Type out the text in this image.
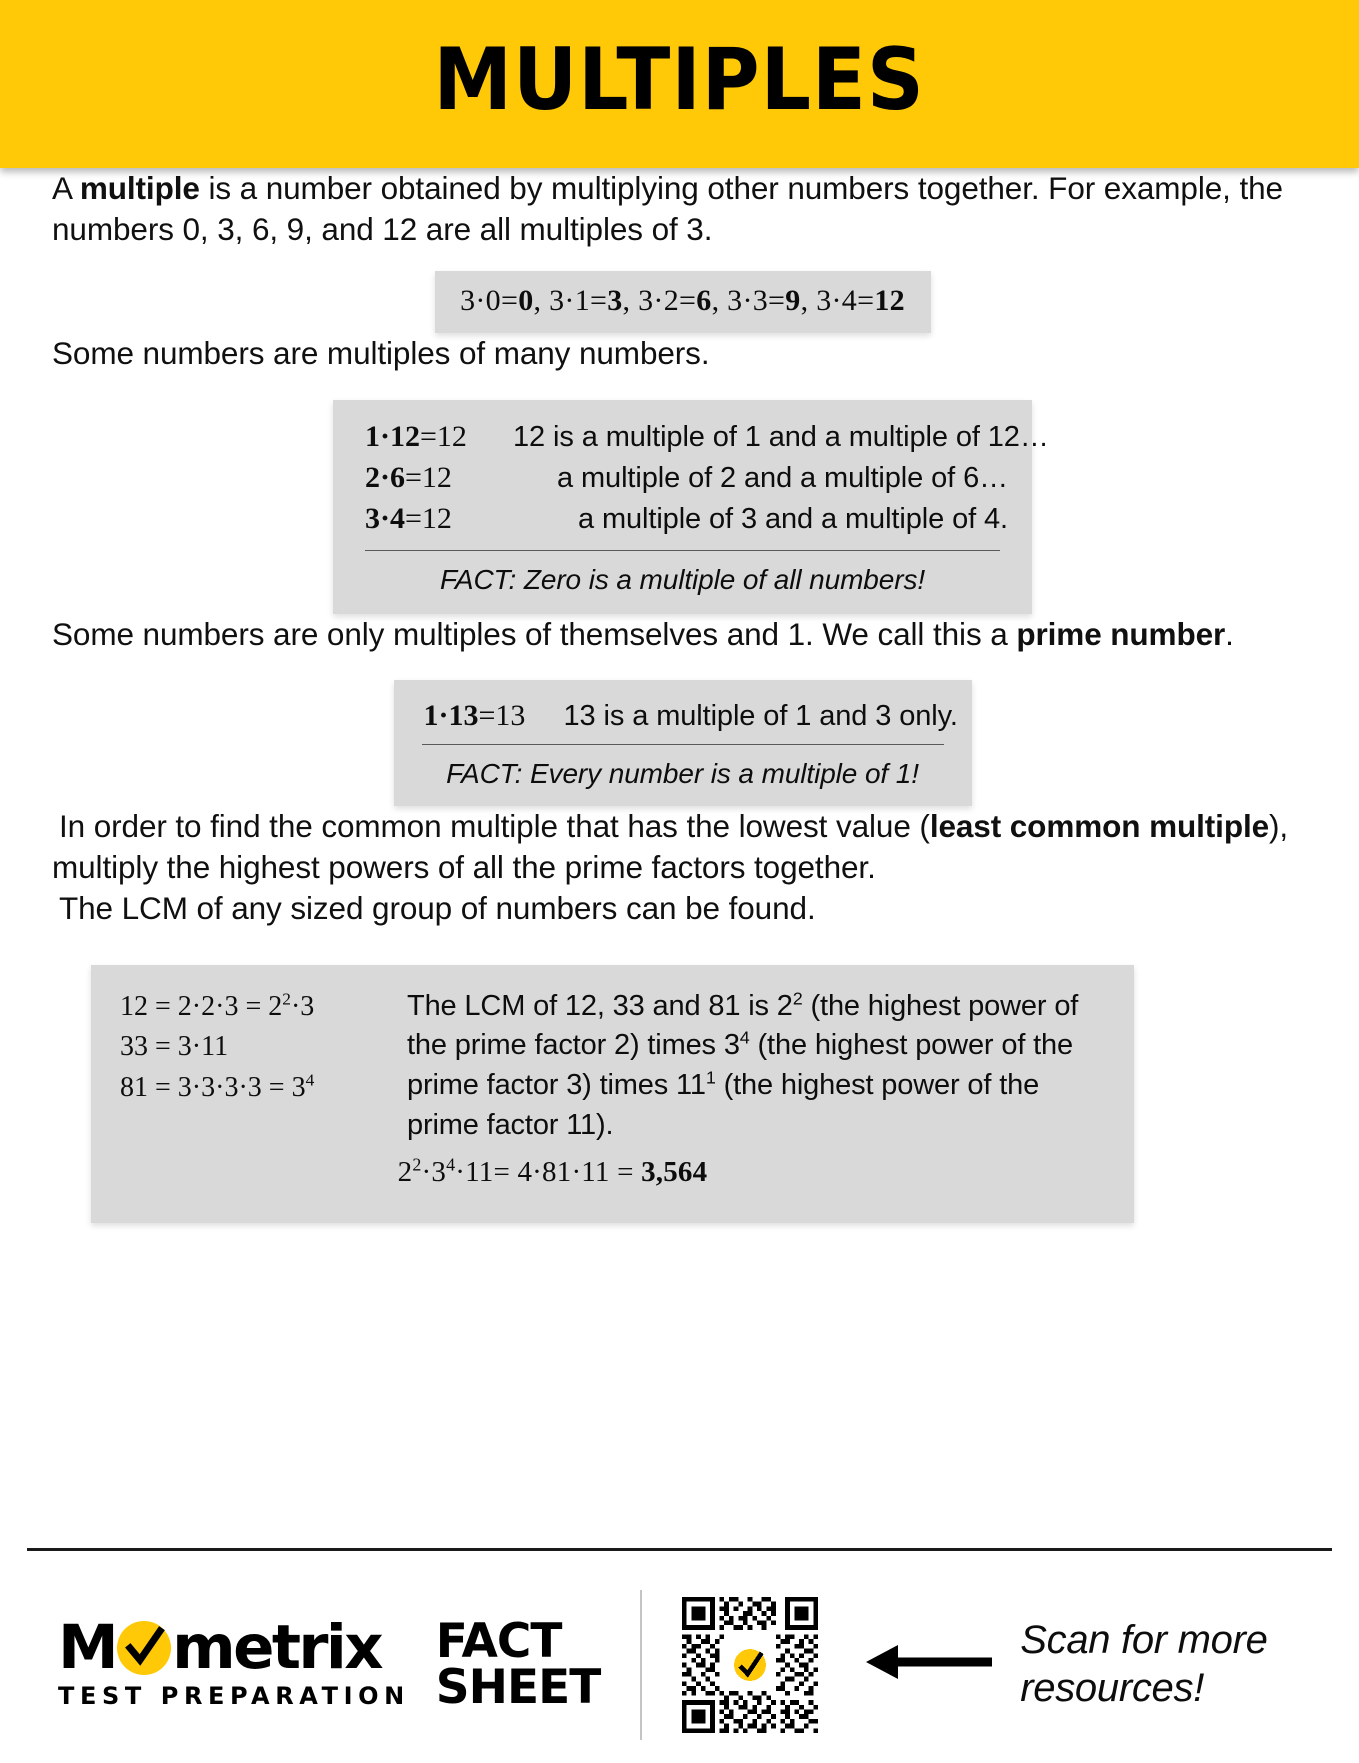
MULTIPLES

A multiple is a number obtained by multiplying other numbers together. For example, the numbers 0, 3, 6, 9, and 12 are all multiples of 3.

3·0=0, 3·1=3, 3·2=6, 3·3=9, 3·4=12

Some numbers are multiples of many numbers.

1·12=12	12 is a multiple of 1 and a multiple of 12…
2·6=12	a multiple of 2 and a multiple of 6…
3·4=12	a multiple of 3 and a multiple of 4.
FACT: Zero is a multiple of all numbers!

Some numbers are only multiples of themselves and 1. We call this a prime number.

1·13=13	13 is a multiple of 1 and 3 only.
FACT: Every number is a multiple of 1!

In order to find the common multiple that has the lowest value (least common multiple), multiply the highest powers of all the prime factors together.

The LCM of any sized group of numbers can be found.

$12 = 2\cdot 2\cdot 3 = 2^2\cdot 3$
33 = 3·11
$81 = 3\cdot 3\cdot 3\cdot 3 = 3^4$
The LCM of 12, 33 and 81 is $2^2$ (the highest power of the prime factor 2) times $3^4$ (the highest power of the prime factor 3) times $11^1$ (the highest power of the prime factor 11).
$2^2\cdot 3^4\cdot 11= 4\cdot 81\cdot 11 = 3,564$
M metrix
TEST PREPARATION
FACT
SHEET
Scan for more
resources!
